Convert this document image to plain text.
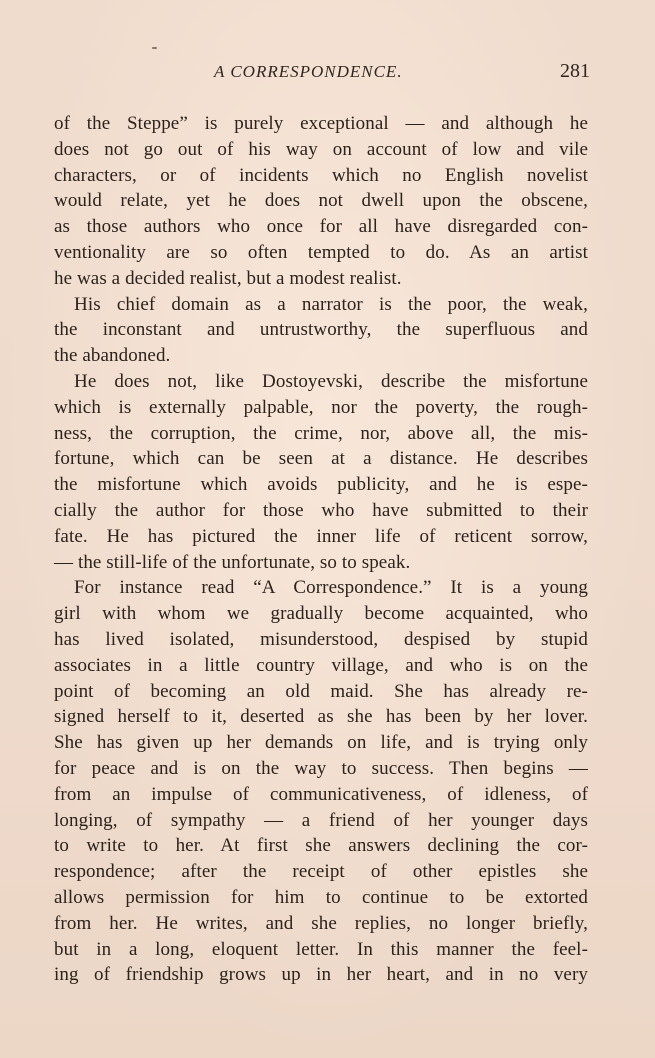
A CORRESPONDENCE.	281
of the Steppe” is purely exceptional — and although he
does not go out of his way on account of low and vile
characters, or of incidents which no English novelist
would relate, yet he does not dwell upon the obscene,
as those authors who once for all have disregarded con-
ventionality are so often tempted to do. As an artist
he was a decided realist, but a modest realist.
His chief domain as a narrator is the poor, the weak,
the inconstant and untrustworthy, the superfluous and
the abandoned.
He does not, like Dostoyevski, describe the misfortune
which is externally palpable, nor the poverty, the rough-
ness, the corruption, the crime, nor, above all, the mis-
fortune, which can be seen at a distance. He describes
the misfortune which avoids publicity, and he is espe-
cially the author for those who have submitted to their
fate. He has pictured the inner life of reticent sorrow,
— the still-life of the unfortunate, so to speak.
For instance read “A Correspondence.” It is a young
girl with whom we gradually become acquainted, who
has lived isolated, misunderstood, despised by stupid
associates in a little country village, and who is on the
point of becoming an old maid. She has already re-
signed herself to it, deserted as she has been by her lover.
She has given up her demands on life, and is trying only
for peace and is on the way to success. Then begins —
from an impulse of communicativeness, of idleness, of
longing, of sympathy — a friend of her younger days
to write to her. At first she answers declining the cor-
respondence; after the receipt of other epistles she
allows permission for him to continue to be extorted
from her. He writes, and she replies, no longer briefly,
but in a long, eloquent letter. In this manner the feel-
ing of friendship grows up in her heart, and in no very
